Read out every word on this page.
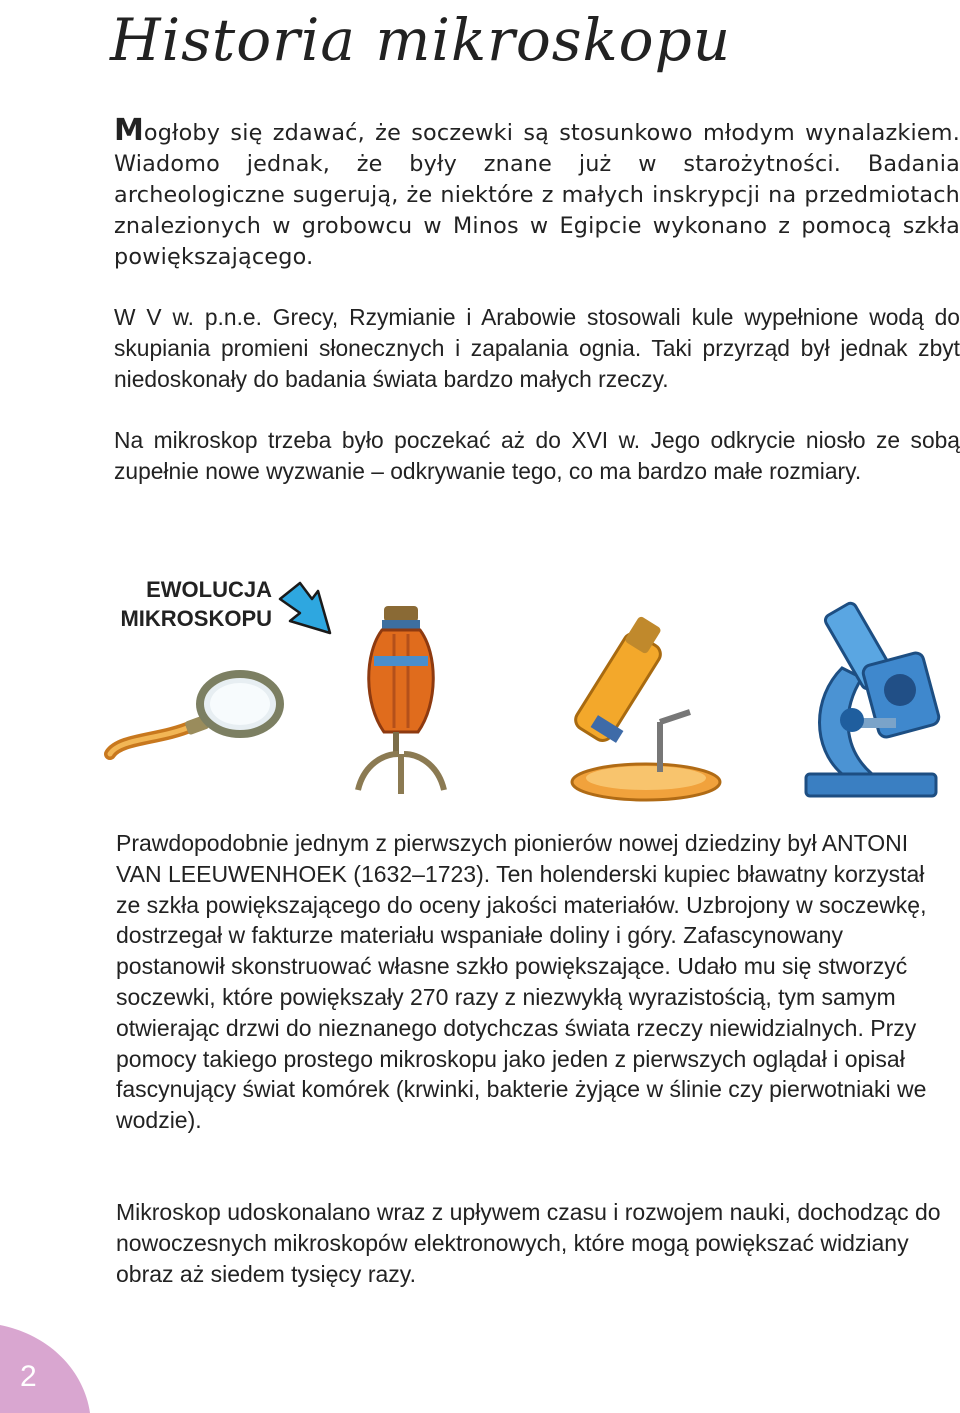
Historia mikroskopu

Mogłoby się zdawać, że soczewki są stosunkowo młodym wynalazkiem. Wiadomo jednak, że były znane już w starożytności. Badania archeologiczne sugerują, że niektóre z małych inskrypcji na przedmiotach znalezionych w grobowcu w Minos w Egipcie wykonano z pomocą szkła powiększającego.

W V w. p.n.e. Grecy, Rzymianie i Arabowie stosowali kule wypełnione wodą do skupiania promieni słonecznych i zapalania ognia. Taki przyrząd był jednak zbyt niedoskonały do badania świata bardzo małych rzeczy.

Na mikroskop trzeba było poczekać aż do XVI w. Jego odkrycie niosło ze sobą zupełnie nowe wyzwanie – odkrywanie tego, co ma bardzo małe rozmiary.

EWOLUCJA
MIKROSKOPU

Prawdopodobnie jednym z pierwszych pionierów nowej dziedziny był ANTONI VAN LEEUWENHOEK (1632–1723). Ten holenderski kupiec bławatny korzystał ze szkła powiększającego do oceny jakości materiałów. Uzbrojony w soczewkę, dostrzegał w fakturze materiału wspaniałe doliny i góry. Zafascynowany postanowił skonstruować własne szkło powiększające. Udało mu się stworzyć soczewki, które powiększały 270 razy z niezwykłą wyrazistością, tym samym otwierając drzwi do nieznanego dotychczas świata rzeczy niewidzialnych. Przy pomocy takiego prostego mikroskopu jako jeden z pierwszych oglądał i opisał fascynujący świat komórek (krwinki, bakterie żyjące w ślinie czy pierwotniaki we wodzie).

Mikroskop udoskonalano wraz z upływem czasu i rozwojem nauki, dochodząc do nowoczesnych mikroskopów elektronowych, które mogą powiększać widziany obraz aż siedem tysięcy razy.

2
